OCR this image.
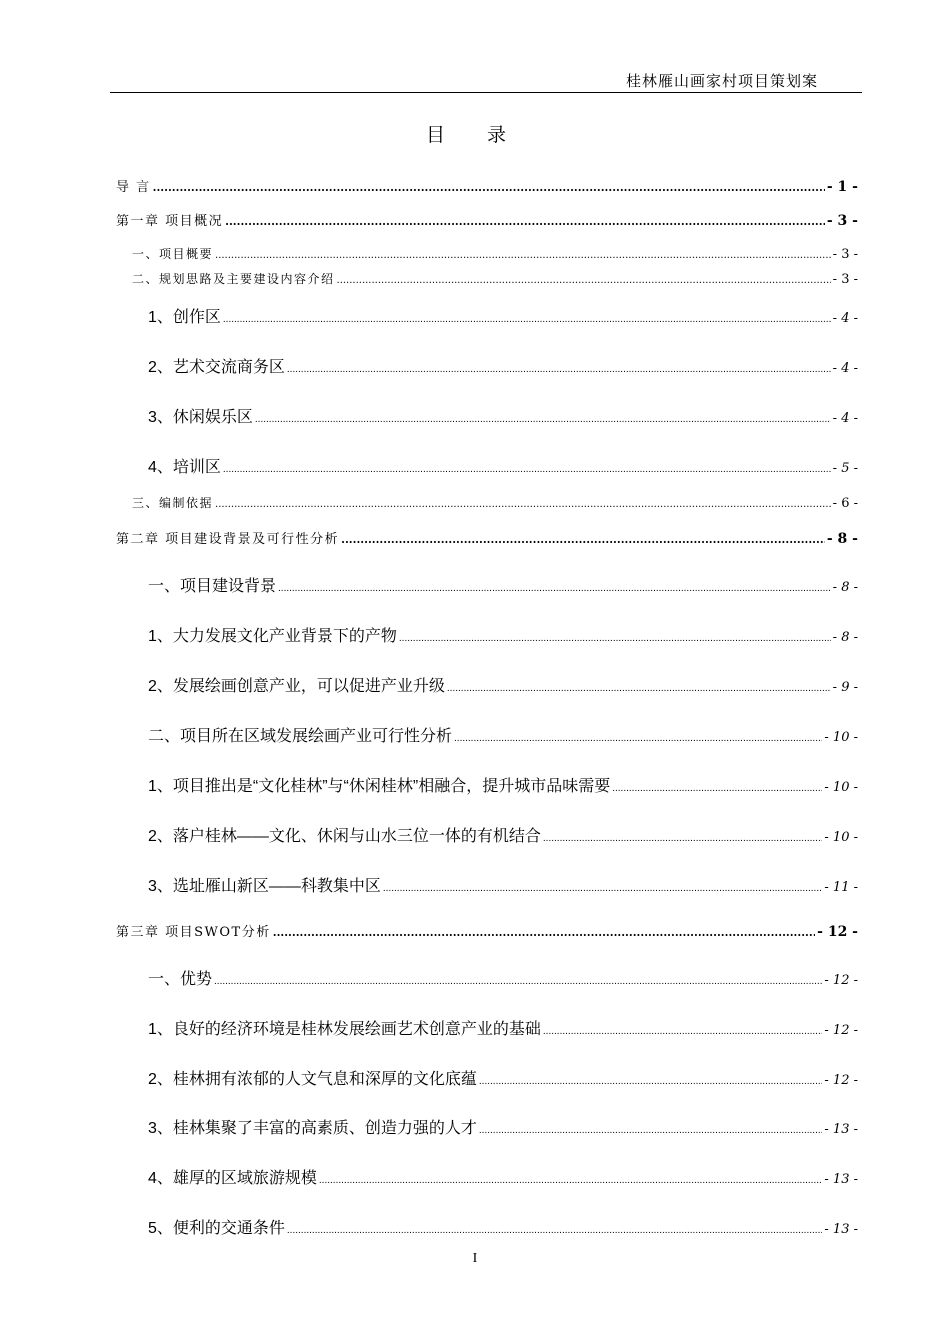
桂林雁山画家村项目策划案
目 录
导 言 .....	- 1 -
第一章 项目概况 .....	- 3 -
一、项目概要 .....	- 3 -
二、规划思路及主要建设内容介绍 .....	- 3 -
1、创作区 .....	- 4 -
2、艺术交流商务区 .....	- 4 -
3、休闲娱乐区 .....	- 4 -
4、培训区 .....	- 5 -
三、编制依据 .....	- 6 -
第二章 项目建设背景及可行性分析 .....	- 8 -
一、项目建设背景 .....	- 8 -
1、大力发展文化产业背景下的产物 .....	- 8 -
2、发展绘画创意产业，可以促进产业升级 .....	- 9 -
二、项目所在区域发展绘画产业可行性分析 .....	- 10 -
1、项目推出是“文化桂林”与“休闲桂林”相融合，提升城市品味需要 .....	- 10 -
2、落户桂林——文化、休闲与山水三位一体的有机结合 .....	- 10 -
3、选址雁山新区——科教集中区 .....	- 11 -
第三章 项目SWOT分析 .....	- 12 -
一、优势 .....	- 12 -
1、良好的经济环境是桂林发展绘画艺术创意产业的基础 .....	- 12 -
2、桂林拥有浓郁的人文气息和深厚的文化底蕴 .....	- 12 -
3、桂林集聚了丰富的高素质、创造力强的人才 .....	- 13 -
4、雄厚的区域旅游规模 .....	- 13 -
5、便利的交通条件 .....	- 13 -
I
